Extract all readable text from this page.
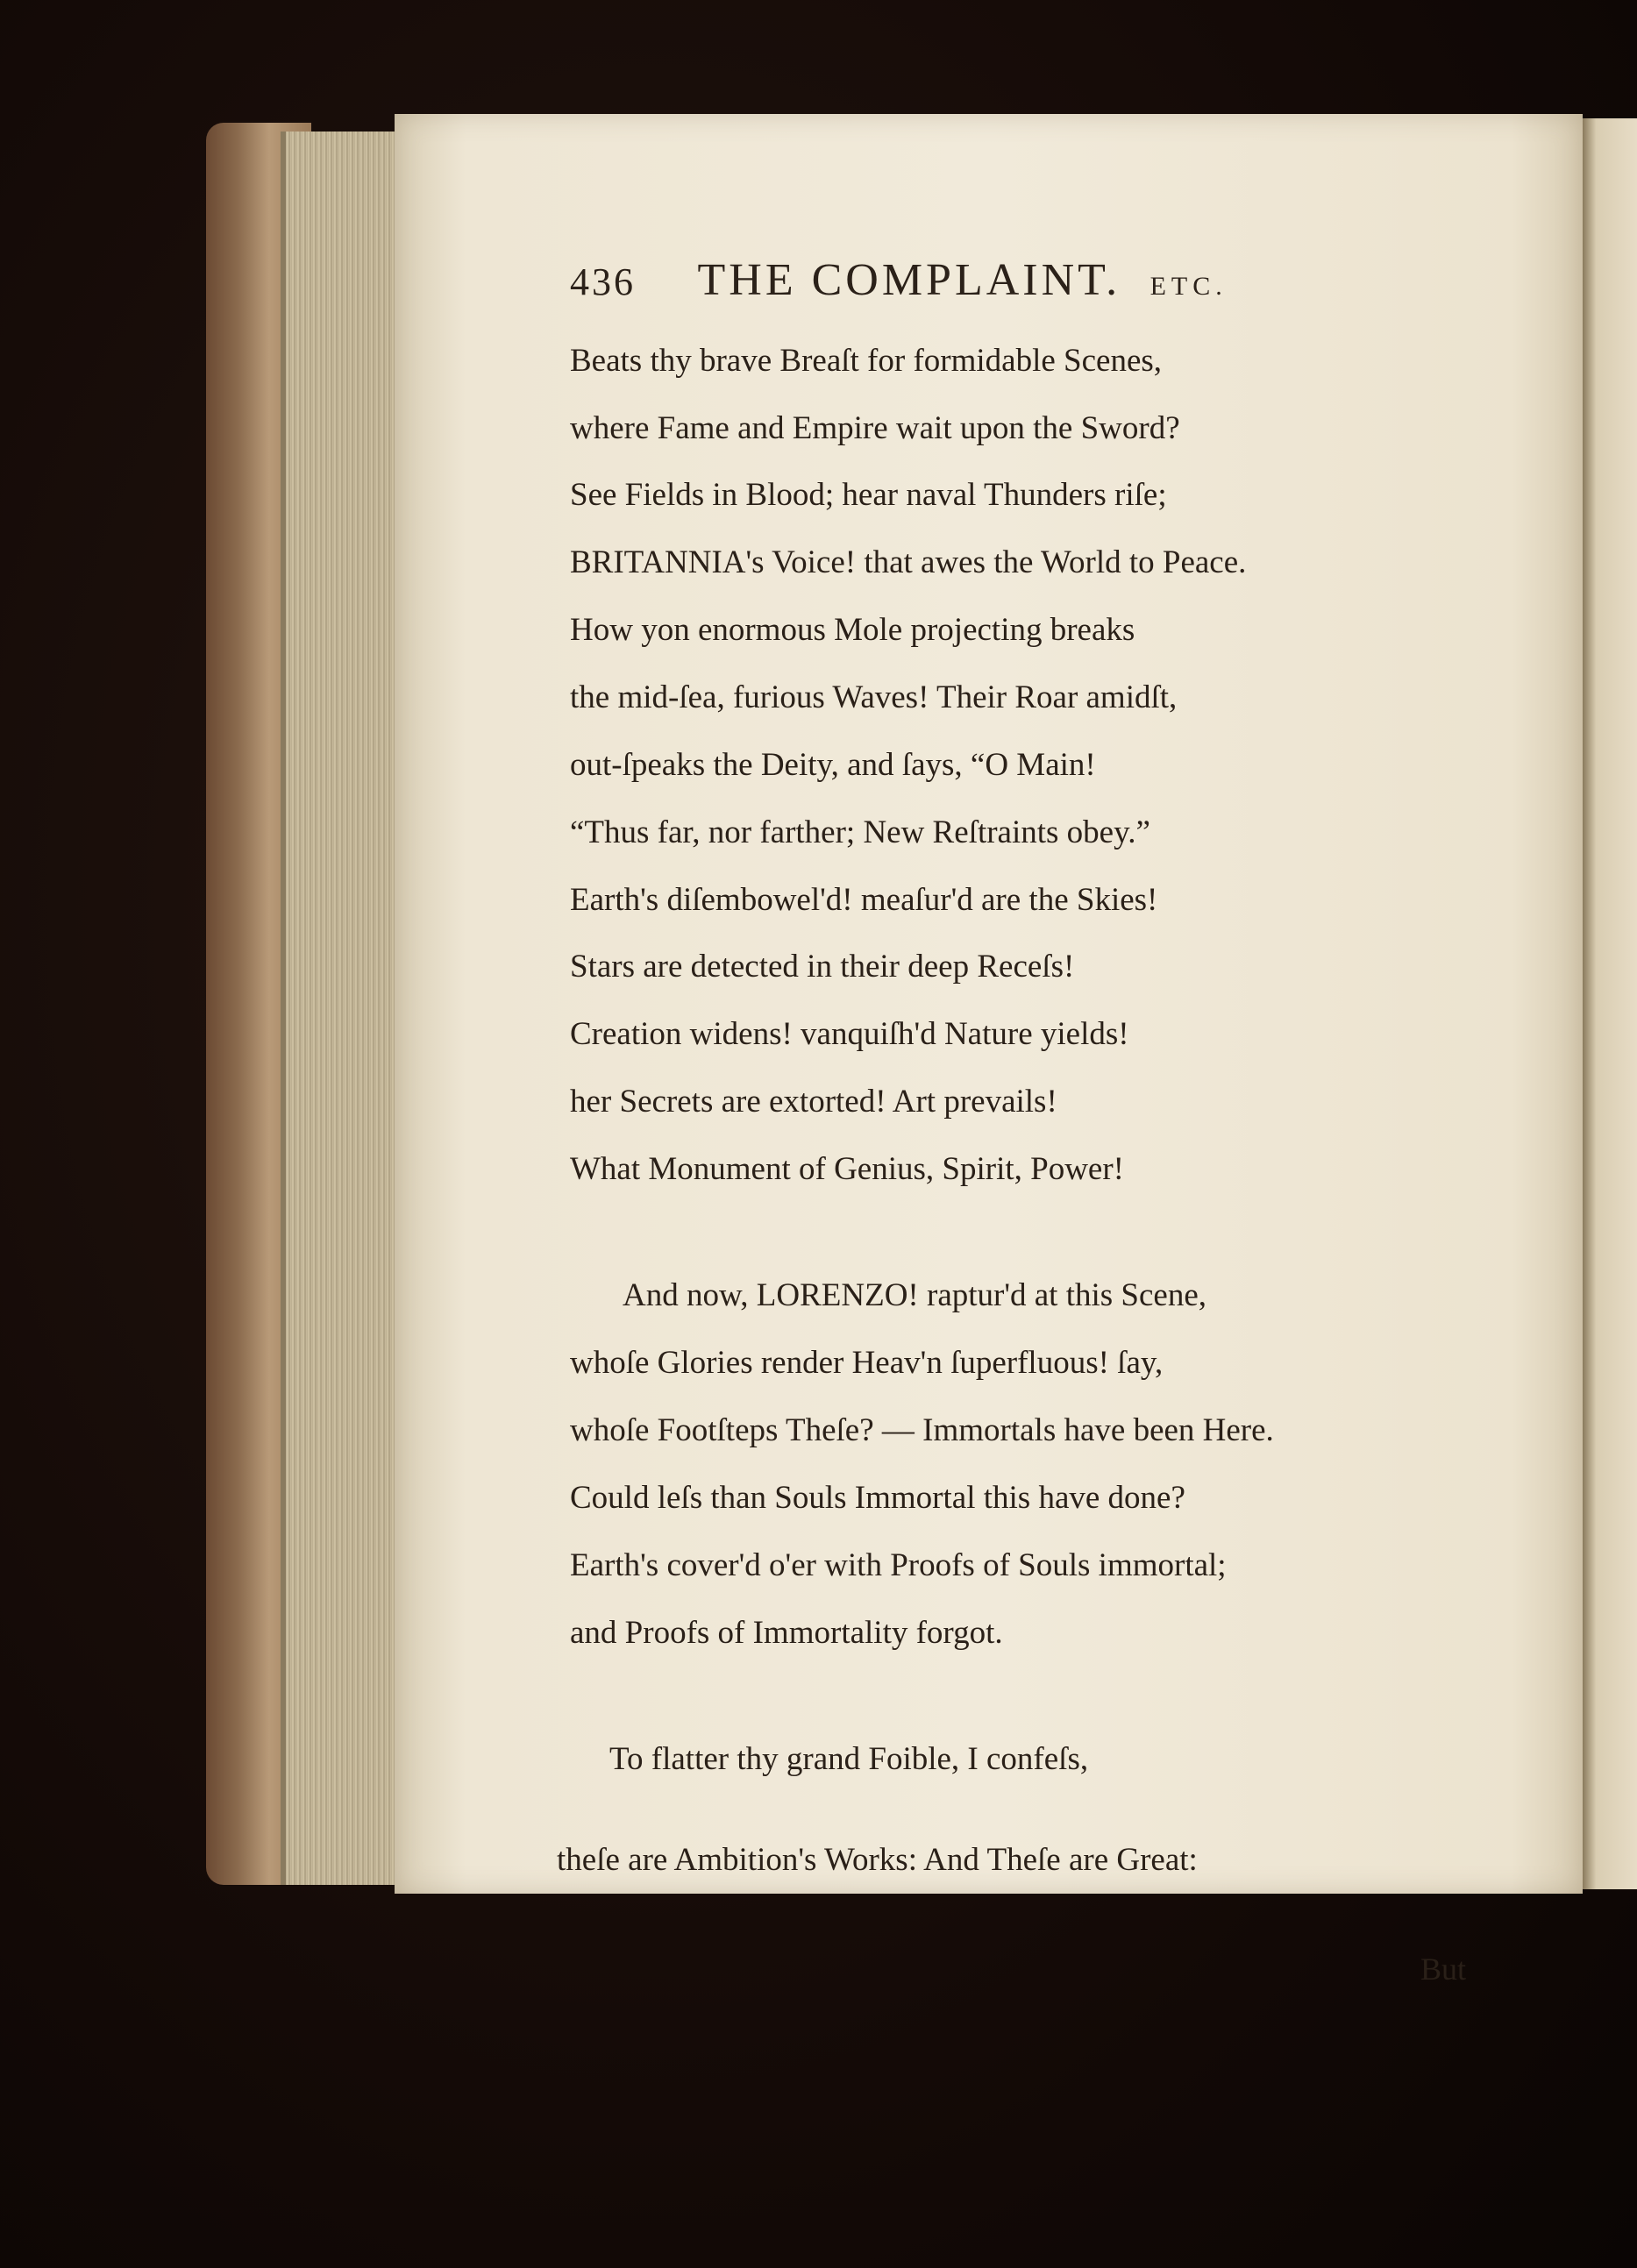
436 THE COMPLAINT. ETC.
Beats thy brave Breaſt for formidable Scenes,
where Fame and Empire wait upon the Sword?
See Fields in Blood; hear naval Thunders riſe;
BRITANNIA's Voice! that awes the World to Peace.
How yon enormous Mole projecting breaks
the mid-ſea, furious Waves! Their Roar amidſt,
out-ſpeaks the Deity, and ſays, “O Main!
“Thus far, nor farther; New Reſtraints obey.”
Earth's diſembowel'd! meaſur'd are the Skies!
Stars are detected in their deep Receſs!
Creation widens! vanquiſh'd Nature yields!
her Secrets are extorted! Art prevails!
What Monument of Genius, Spirit, Power!
And now, LORENZO! raptur'd at this Scene,
whoſe Glories render Heav'n ſuperfluous! ſay,
whoſe Footſteps Theſe? — Immortals have been Here.
Could leſs than Souls Immortal this have done?
Earth's cover'd o'er with Proofs of Souls immortal;
and Proofs of Immortality forgot.
To flatter thy grand Foible, I confeſs,
theſe are Ambition's Works: And Theſe are Great:
But
